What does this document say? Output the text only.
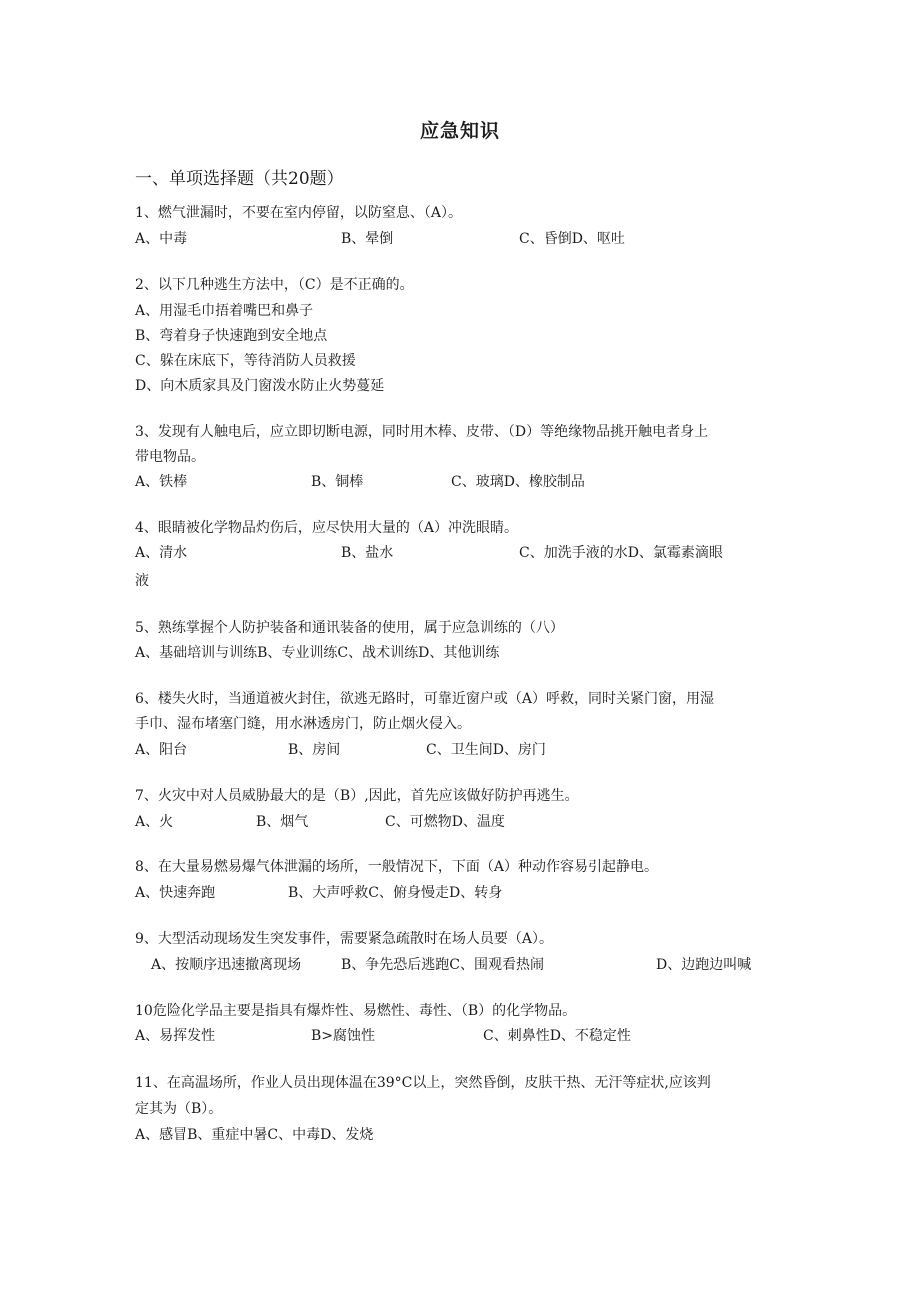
应急知识
一、单项选择题（共20题）
1、燃气泄漏时，不要在室内停留，以防窒息、（A）。
A、中毒	B、晕倒	C、昏倒D、呕吐
2、以下几种逃生方法中，（C）是不正确的。
A、用湿毛巾捂着嘴巴和鼻子
B、弯着身子快速跑到安全地点
C、躲在床底下，等待消防人员救援
D、向木质家具及门窗泼水防止火势蔓延
3、发现有人触电后，应立即切断电源，同时用木棒、皮带、（D）等绝缘物品挑开触电者身上
带电物品。
A、铁棒	B、铜棒	C、玻璃D、橡胶制品
4、眼睛被化学物品灼伤后，应尽快用大量的（A）冲洗眼睛。
A、清水	B、盐水	C、加洗手液的水D、氯霉素滴眼
液
5、熟练掌握个人防护装备和通讯装备的使用，属于应急训练的（八）
A、基础培训与训练B、专业训练C、战术训练D、其他训练
6、楼失火时，当通道被火封住，欲逃无路时，可靠近窗户或（A）呼救，同时关紧门窗，用湿
手巾、湿布堵塞门缝，用水淋透房门，防止烟火侵入。
A、阳台	B、房间	C、卫生间D、房门
7、火灾中对人员威胁最大的是（B）,因此，首先应该做好防护再逃生。
A、火	B、烟气	C、可燃物D、温度
8、在大量易燃易爆气体泄漏的场所，一般情况下，下面（A）种动作容易引起静电。
A、快速奔跑	B、大声呼救C、俯身慢走D、转身
9、大型活动现场发生突发事件，需要紧急疏散时在场人员要（A）。
A、按顺序迅速撤离现场	B、争先恐后逃跑C、围观看热闹	D、边跑边叫喊
10危险化学品主要是指具有爆炸性、易燃性、毒性、（B）的化学物品。
A、易挥发性	B>腐蚀性	C、刺鼻性D、不稳定性
11、在高温场所，作业人员出现体温在39°C以上，突然昏倒，皮肤干热、无汗等症状,应该判
定其为（B）。
A、感冒B、重症中暑C、中毒D、发烧
